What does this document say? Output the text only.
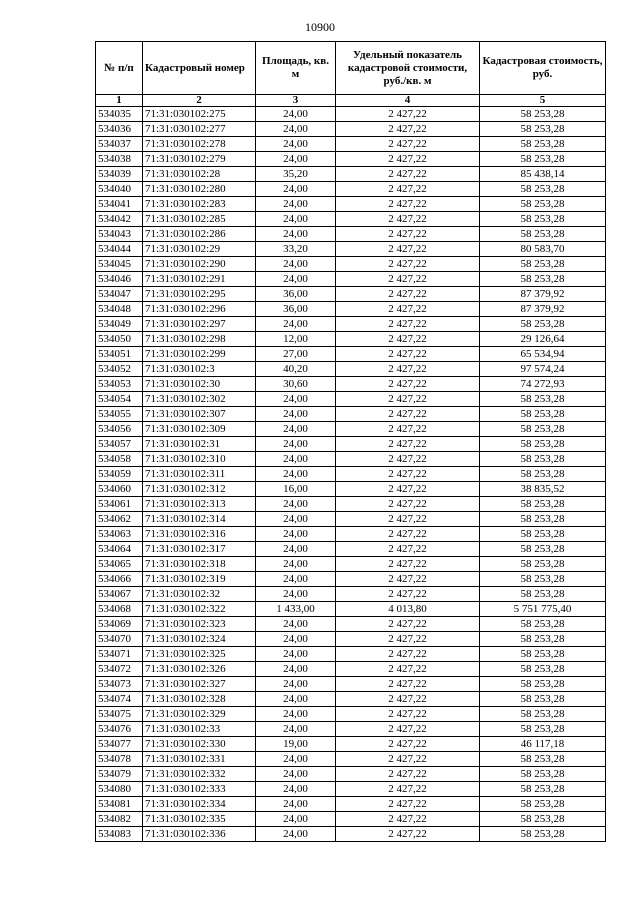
10900
№ п/п	Кадастровый номер	Площадь, кв. м	Удельный показатель кадастровой стоимости, руб./кв. м	Кадастровая стоимость, руб.
1	2	3	4	5
534035	71:31:030102:275	24,00	2 427,22	58 253,28
534036	71:31:030102:277	24,00	2 427,22	58 253,28
534037	71:31:030102:278	24,00	2 427,22	58 253,28
534038	71:31:030102:279	24,00	2 427,22	58 253,28
534039	71:31:030102:28	35,20	2 427,22	85 438,14
534040	71:31:030102:280	24,00	2 427,22	58 253,28
534041	71:31:030102:283	24,00	2 427,22	58 253,28
534042	71:31:030102:285	24,00	2 427,22	58 253,28
534043	71:31:030102:286	24,00	2 427,22	58 253,28
534044	71:31:030102:29	33,20	2 427,22	80 583,70
534045	71:31:030102:290	24,00	2 427,22	58 253,28
534046	71:31:030102:291	24,00	2 427,22	58 253,28
534047	71:31:030102:295	36,00	2 427,22	87 379,92
534048	71:31:030102:296	36,00	2 427,22	87 379,92
534049	71:31:030102:297	24,00	2 427,22	58 253,28
534050	71:31:030102:298	12,00	2 427,22	29 126,64
534051	71:31:030102:299	27,00	2 427,22	65 534,94
534052	71:31:030102:3	40,20	2 427,22	97 574,24
534053	71:31:030102:30	30,60	2 427,22	74 272,93
534054	71:31:030102:302	24,00	2 427,22	58 253,28
534055	71:31:030102:307	24,00	2 427,22	58 253,28
534056	71:31:030102:309	24,00	2 427,22	58 253,28
534057	71:31:030102:31	24,00	2 427,22	58 253,28
534058	71:31:030102:310	24,00	2 427,22	58 253,28
534059	71:31:030102:311	24,00	2 427,22	58 253,28
534060	71:31:030102:312	16,00	2 427,22	38 835,52
534061	71:31:030102:313	24,00	2 427,22	58 253,28
534062	71:31:030102:314	24,00	2 427,22	58 253,28
534063	71:31:030102:316	24,00	2 427,22	58 253,28
534064	71:31:030102:317	24,00	2 427,22	58 253,28
534065	71:31:030102:318	24,00	2 427,22	58 253,28
534066	71:31:030102:319	24,00	2 427,22	58 253,28
534067	71:31:030102:32	24,00	2 427,22	58 253,28
534068	71:31:030102:322	1 433,00	4 013,80	5 751 775,40
534069	71:31:030102:323	24,00	2 427,22	58 253,28
534070	71:31:030102:324	24,00	2 427,22	58 253,28
534071	71:31:030102:325	24,00	2 427,22	58 253,28
534072	71:31:030102:326	24,00	2 427,22	58 253,28
534073	71:31:030102:327	24,00	2 427,22	58 253,28
534074	71:31:030102:328	24,00	2 427,22	58 253,28
534075	71:31:030102:329	24,00	2 427,22	58 253,28
534076	71:31:030102:33	24,00	2 427,22	58 253,28
534077	71:31:030102:330	19,00	2 427,22	46 117,18
534078	71:31:030102:331	24,00	2 427,22	58 253,28
534079	71:31:030102:332	24,00	2 427,22	58 253,28
534080	71:31:030102:333	24,00	2 427,22	58 253,28
534081	71:31:030102:334	24,00	2 427,22	58 253,28
534082	71:31:030102:335	24,00	2 427,22	58 253,28
534083	71:31:030102:336	24,00	2 427,22	58 253,28
